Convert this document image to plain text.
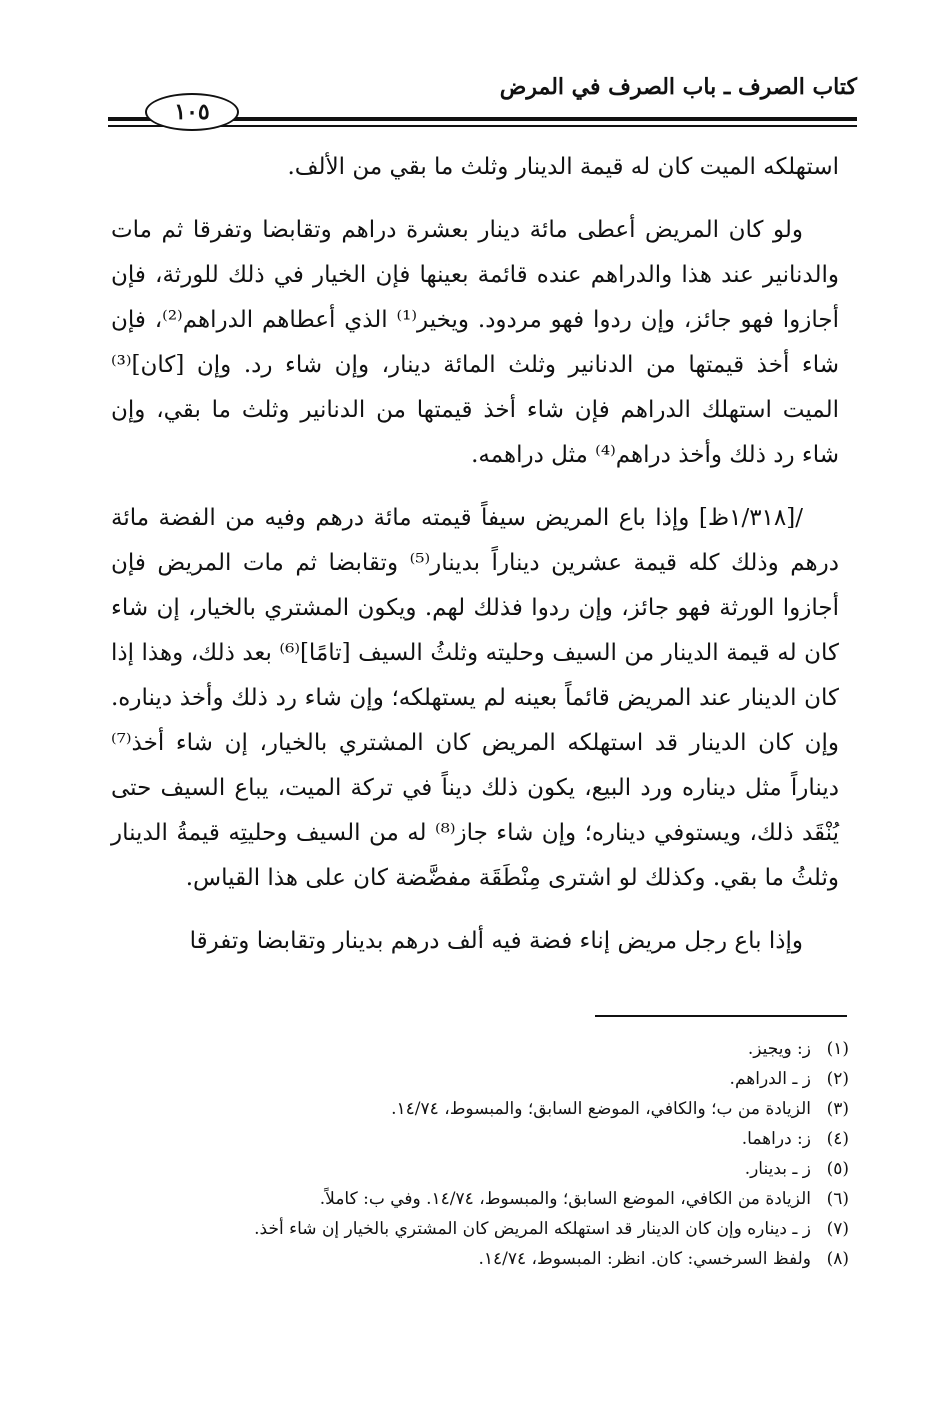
كتاب الصرف ـ باب الصرف في المرض
١٠٥

استهلكه الميت كان له قيمة الدينار وثلث ما بقي من الألف.

ولو كان المريض أعطى مائة دينار بعشرة دراهم وتقابضا وتفرقا ثم مات والدنانير عند هذا والدراهم عنده قائمة بعينها فإن الخيار في ذلك للورثة، فإن أجازوا فهو جائز، وإن ردوا فهو مردود. ويخير⁽¹⁾ الذي أعطاهم الدراهم⁽²⁾، فإن شاء أخذ قيمتها من الدنانير وثلث المائة دينار، وإن شاء رد. وإن [كان]⁽³⁾ الميت استهلك الدراهم فإن شاء أخذ قيمتها من الدنانير وثلث ما بقي، وإن شاء رد ذلك وأخذ دراهم⁽⁴⁾ مثل دراهمه.

/[١/٣١٨ظ] وإذا باع المريض سيفاً قيمته مائة درهم وفيه من الفضة مائة درهم وذلك كله قيمة عشرين ديناراً بدينار⁽⁵⁾ وتقابضا ثم مات المريض فإن أجازوا الورثة فهو جائز، وإن ردوا فذلك لهم. ويكون المشتري بالخيار، إن شاء كان له قيمة الدينار من السيف وحليته وثلثُ السيف [تامًا]⁽⁶⁾ بعد ذلك، وهذا إذا كان الدينار عند المريض قائماً بعينه لم يستهلكه؛ وإن شاء رد ذلك وأخذ ديناره. وإن كان الدينار قد استهلكه المريض كان المشتري بالخيار، إن شاء أخذ⁽⁷⁾ ديناراً مثل ديناره ورد البيع، يكون ذلك ديناً في تركة الميت، يباع السيف حتى يُنْقَد ذلك، ويستوفي ديناره؛ وإن شاء جاز⁽⁸⁾ له من السيف وحليتِه قيمةُ الدينار وثلثُ ما بقي. وكذلك لو اشترى مِنْطَقَة مفضَّضة كان على هذا القياس.

وإذا باع رجل مريض إناء فضة فيه ألف درهم بدينار وتقابضا وتفرقا

(١)ز: ويجيز.
(٢)ز ـ الدراهم.
(٣)الزيادة من ب؛ والكافي، الموضع السابق؛ والمبسوط، ١٤/٧٤.
(٤)ز: دراهما.
(٥)ز ـ بدينار.
(٦)الزيادة من الكافي، الموضع السابق؛ والمبسوط، ١٤/٧٤. وفي ب: كاملاً.
(٧)ز ـ ديناره وإن كان الدينار قد استهلكه المريض كان المشتري بالخيار إن شاء أخذ.
(٨)ولفظ السرخسي: كان. انظر: المبسوط، ١٤/٧٤.
